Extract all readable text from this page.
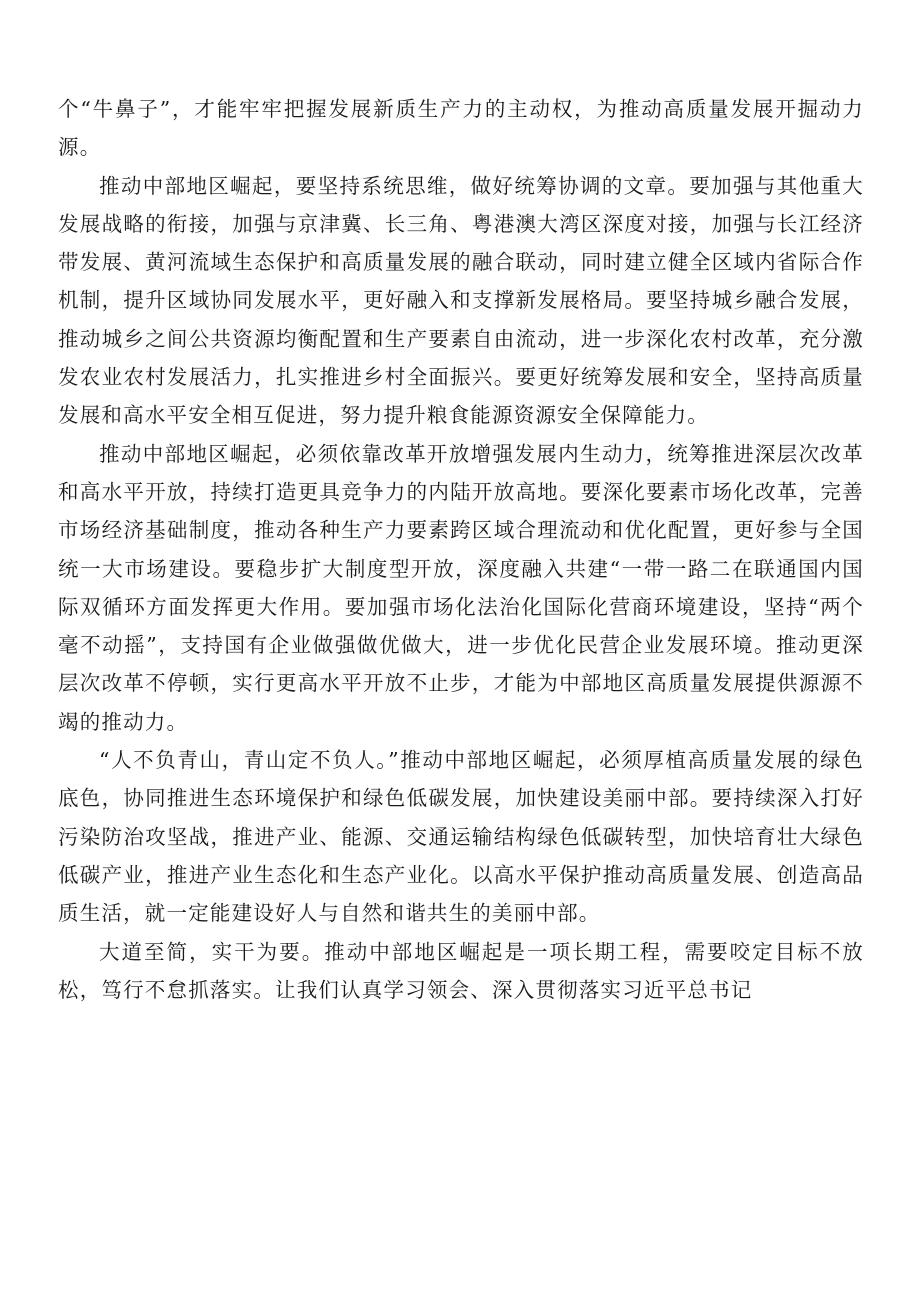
个“牛鼻子”，才能牢牢把握发展新质生产力的主动权，为推动高质量发展开掘动力源。

推动中部地区崛起，要坚持系统思维，做好统筹协调的文章。要加强与其他重大发展战略的衔接，加强与京津冀、长三角、粤港澳大湾区深度对接，加强与长江经济带发展、黄河流域生态保护和高质量发展的融合联动，同时建立健全区域内省际合作机制，提升区域协同发展水平，更好融入和支撑新发展格局。要坚持城乡融合发展，推动城乡之间公共资源均衡配置和生产要素自由流动，进一步深化农村改革，充分激发农业农村发展活力，扎实推进乡村全面振兴。要更好统筹发展和安全，坚持高质量发展和高水平安全相互促进，努力提升粮食能源资源安全保障能力。

推动中部地区崛起，必须依靠改革开放增强发展内生动力，统筹推进深层次改革和高水平开放，持续打造更具竞争力的内陆开放高地。要深化要素市场化改革，完善市场经济基础制度，推动各种生产力要素跨区域合理流动和优化配置，更好参与全国统一大市场建设。要稳步扩大制度型开放，深度融入共建“一带一路二在联通国内国际双循环方面发挥更大作用。要加强市场化法治化国际化营商环境建设，坚持“两个毫不动摇”，支持国有企业做强做优做大，进一步优化民营企业发展环境。推动更深层次改革不停顿，实行更高水平开放不止步，才能为中部地区高质量发展提供源源不竭的推动力。

“人不负青山，青山定不负人。”推动中部地区崛起，必须厚植高质量发展的绿色底色，协同推进生态环境保护和绿色低碳发展，加快建设美丽中部。要持续深入打好污染防治攻坚战，推进产业、能源、交通运输结构绿色低碳转型，加快培育壮大绿色低碳产业，推进产业生态化和生态产业化。以高水平保护推动高质量发展、创造高品质生活，就一定能建设好人与自然和谐共生的美丽中部。

大道至简，实干为要。推动中部地区崛起是一项长期工程，需要咬定目标不放松，笃行不怠抓落实。让我们认真学习领会、深入贯彻落实习近平总书记
